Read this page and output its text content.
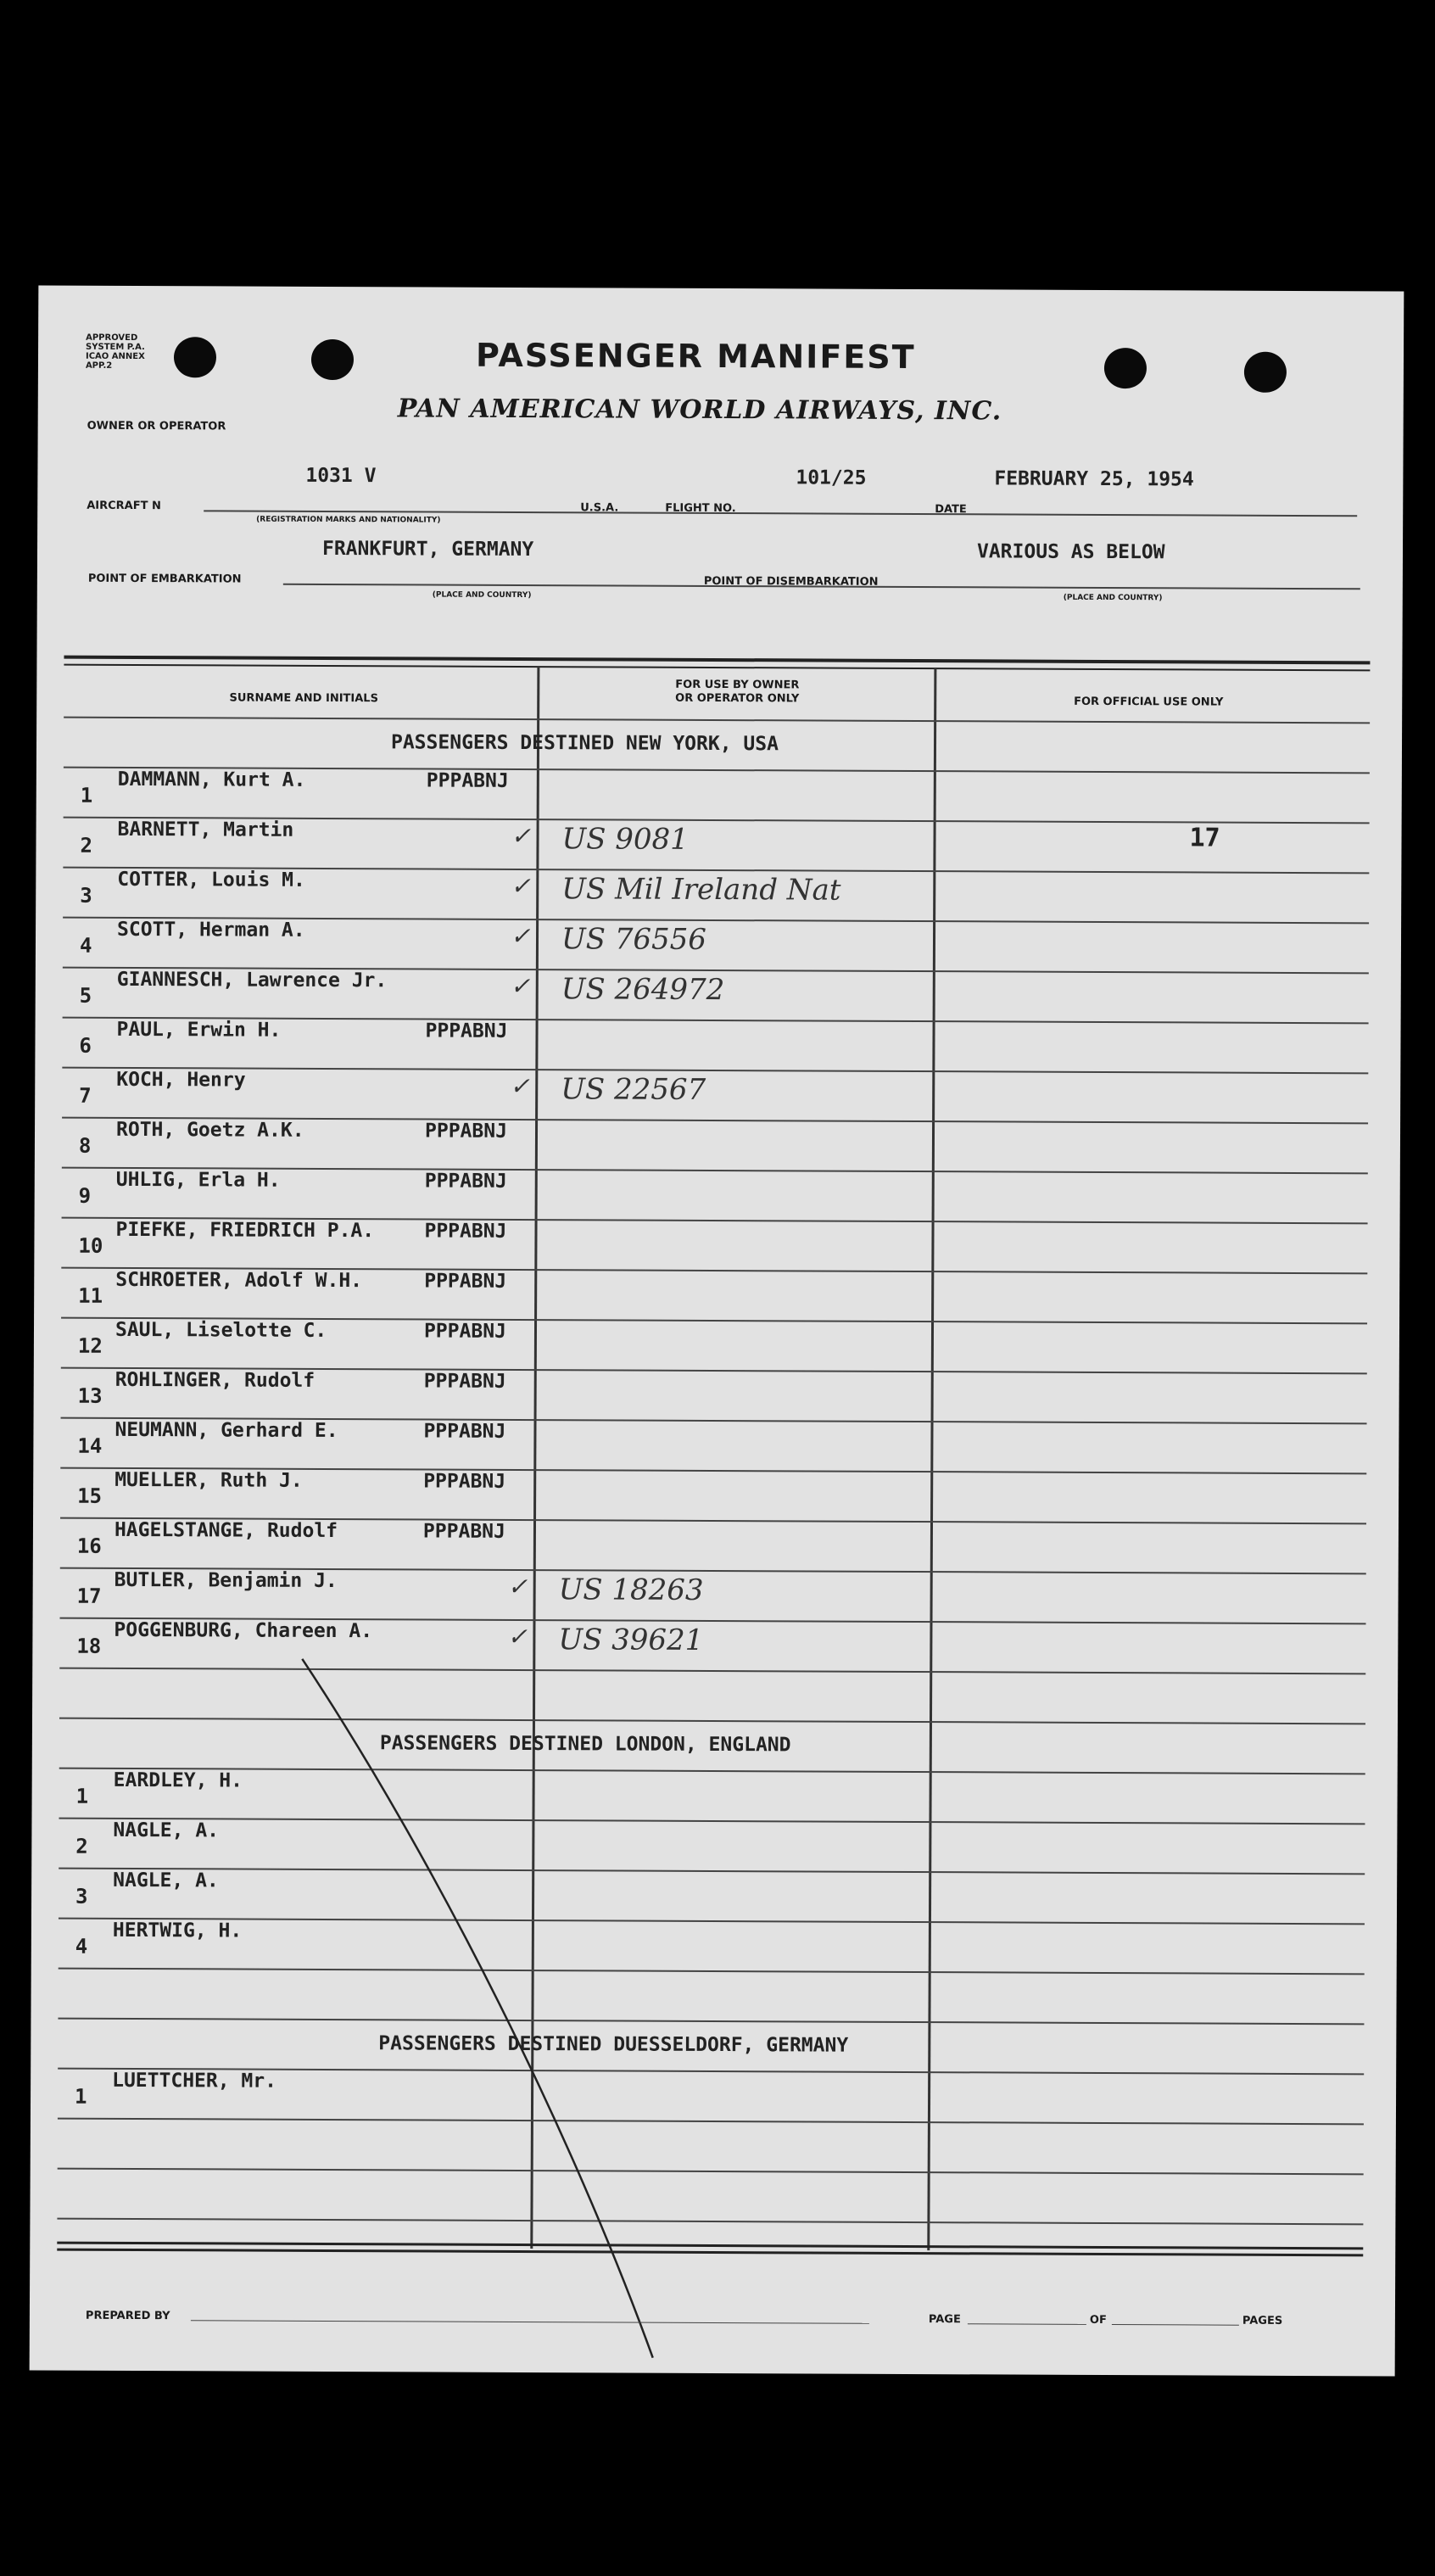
APPROVED
SYSTEM P.A.
ICAO ANNEX
APP.2	PASSENGER MANIFEST
PAN AMERICAN WORLD AIRWAYS, INC.
OWNER OR OPERATOR
AIRCRAFT N
1031 V
(REGISTRATION MARKS AND NATIONALITY)
U.S.A.	FLIGHT NO.
101/25
DATE
FEBRUARY 25, 1954
FRANKFURT, GERMANY
POINT OF EMBARKATION
(PLACE AND COUNTRY)
POINT OF DISEMBARKATION
VARIOUS AS BELOW
(PLACE AND COUNTRY)
SURNAME AND INITIALS
FOR USE BY OWNER
OR OPERATOR ONLY	FOR OFFICIAL USE ONLY
PASSENGERS DESTINED NEW YORK, USA
1
DAMMANN, Kurt A.	PPPABNJ
2
BARNETT, Martin	✓ US 9081	17
3
COTTER, Louis M.	✓ US Mil Ireland Nat
4
SCOTT, Herman A.	✓ US 76556
5
GIANNESCH, Lawrence Jr.	✓ US 264972
6
PAUL, Erwin H.	PPPABNJ
7
KOCH, Henry	✓ US 22567
8
ROTH, Goetz A.K.	PPPABNJ
9
UHLIG, Erla H.	PPPABNJ
10
PIEFKE, FRIEDRICH P.A.	PPPABNJ
11
SCHROETER, Adolf W.H.	PPPABNJ
12
SAUL, Liselotte C.	PPPABNJ
13
ROHLINGER, Rudolf	PPPABNJ
14
NEUMANN, Gerhard E.	PPPABNJ
15
MUELLER, Ruth J.	PPPABNJ
16
HAGELSTANGE, Rudolf	PPPABNJ
17
BUTLER, Benjamin J.	✓ US 18263
18
POGGENBURG, Chareen A.	✓ US 39621
PASSENGERS DESTINED LONDON, ENGLAND
1
EARDLEY, H.
2
NAGLE, A.
3
NAGLE, A.
4
HERTWIG, H.
PASSENGERS DESTINED DUESSELDORF, GERMANY
1
LUETTCHER, Mr.
PREPARED BY	PAGE	OF	PAGES
